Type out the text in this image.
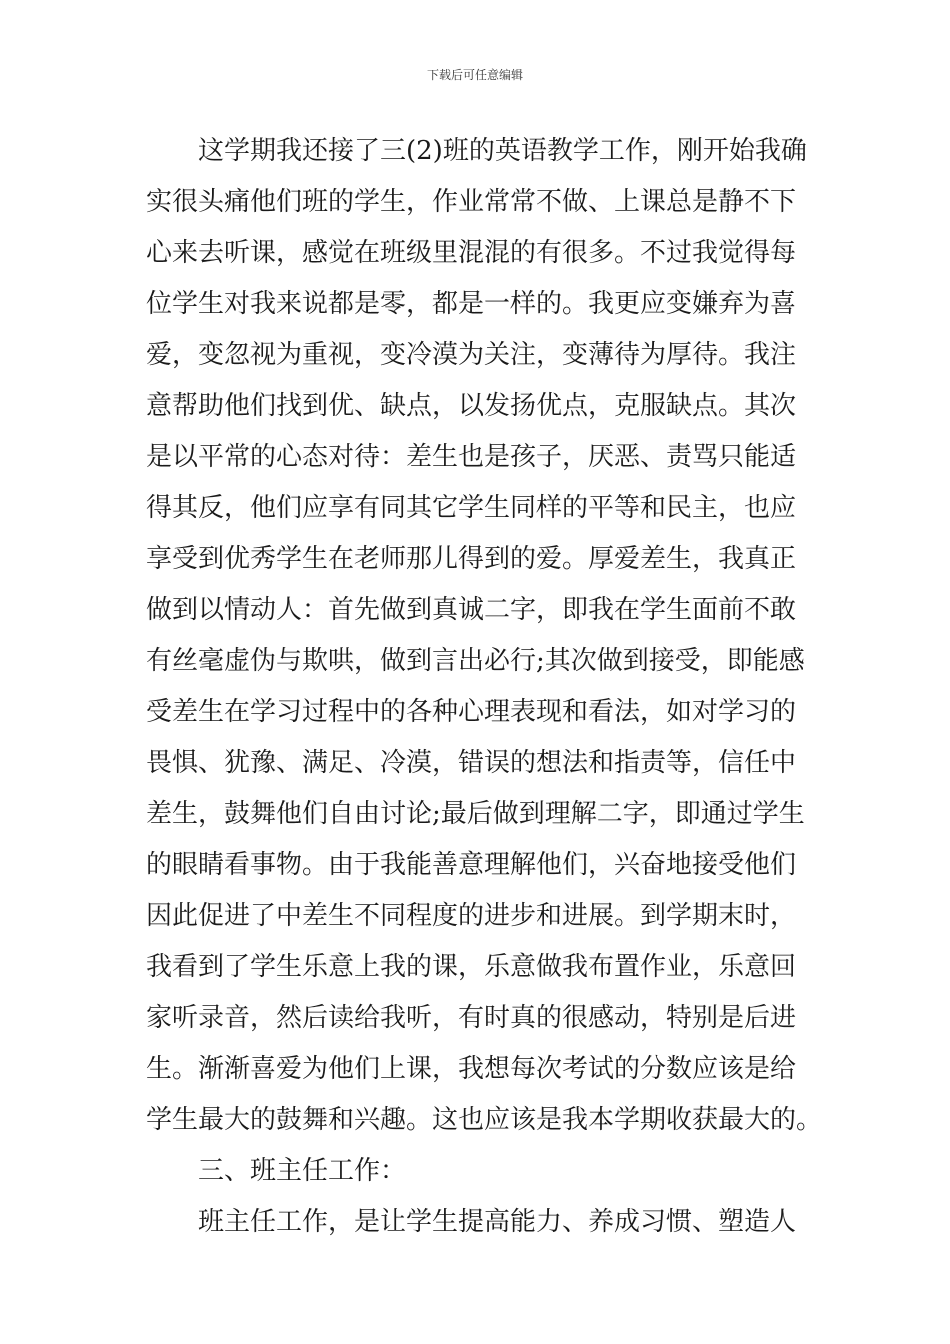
下载后可任意编辑
这学期我还接了三(2)班的英语教学工作，刚开始我确
实很头痛他们班的学生，作业常常不做、上课总是静不下
心来去听课，感觉在班级里混混的有很多。不过我觉得每
位学生对我来说都是零，都是一样的。我更应变嫌弃为喜
爱，变忽视为重视，变冷漠为关注，变薄待为厚待。我注
意帮助他们找到优、缺点，以发扬优点，克服缺点。其次
是以平常的心态对待：差生也是孩子，厌恶、责骂只能适
得其反，他们应享有同其它学生同样的平等和民主，也应
享受到优秀学生在老师那儿得到的爱。厚爱差生，我真正
做到以情动人：首先做到真诚二字，即我在学生面前不敢
有丝毫虚伪与欺哄，做到言出必行;其次做到接受，即能感
受差生在学习过程中的各种心理表现和看法，如对学习的
畏惧、犹豫、满足、冷漠，错误的想法和指责等，信任中
差生，鼓舞他们自由讨论;最后做到理解二字，即通过学生
的眼睛看事物。由于我能善意理解他们，兴奋地接受他们
因此促进了中差生不同程度的进步和进展。到学期末时，
我看到了学生乐意上我的课，乐意做我布置作业，乐意回
家听录音，然后读给我听，有时真的很感动，特别是后进
生。渐渐喜爱为他们上课，我想每次考试的分数应该是给
学生最大的鼓舞和兴趣。这也应该是我本学期收获最大的。
三、班主任工作：
班主任工作，是让学生提高能力、养成习惯、塑造人
